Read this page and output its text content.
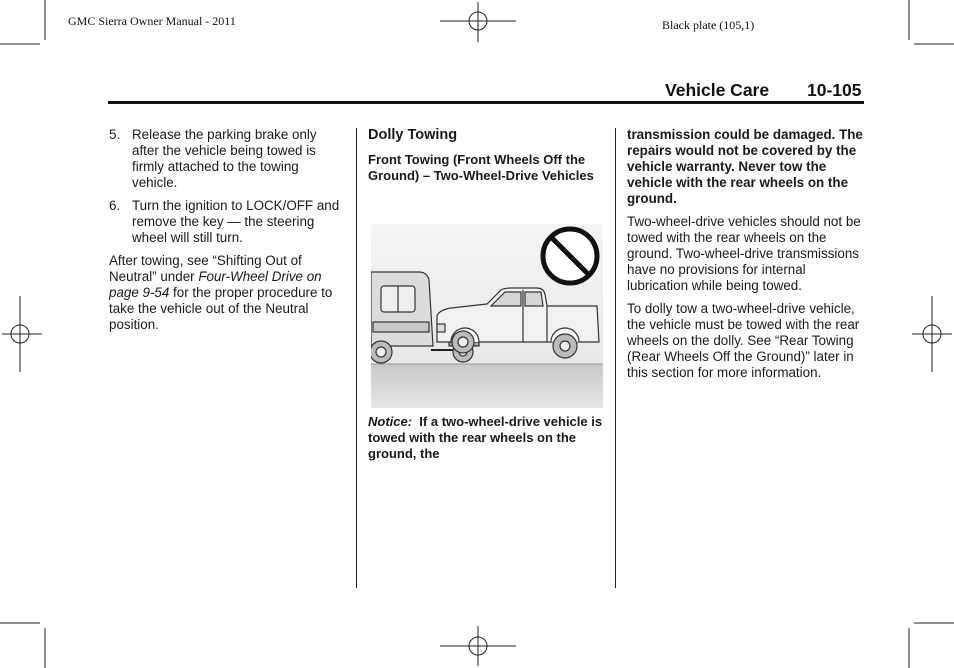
GMC Sierra Owner Manual - 2011	Black plate (105,1)
Vehicle Care 10-105
5. Release the parking brake only after the vehicle being towed is firmly attached to the towing vehicle.
6. Turn the ignition to LOCK/OFF and remove the key — the steering wheel will still turn.

After towing, see “Shifting Out of Neutral” under Four-Wheel Drive on page 9-54 for the proper procedure to take the vehicle out of the Neutral position.

Dolly Towing
Front Towing (Front Wheels Off the Ground) – Two-Wheel-Drive Vehicles
Notice: If a two-wheel-drive vehicle is towed with the rear wheels on the ground, the

transmission could be damaged. The repairs would not be covered by the vehicle warranty. Never tow the vehicle with the rear wheels on the ground.

Two-wheel-drive vehicles should not be towed with the rear wheels on the ground. Two-wheel-drive transmissions have no provisions for internal lubrication while being towed.

To dolly tow a two-wheel-drive vehicle, the vehicle must be towed with the rear wheels on the dolly. See “Rear Towing (Rear Wheels Off the Ground)” later in this section for more information.
